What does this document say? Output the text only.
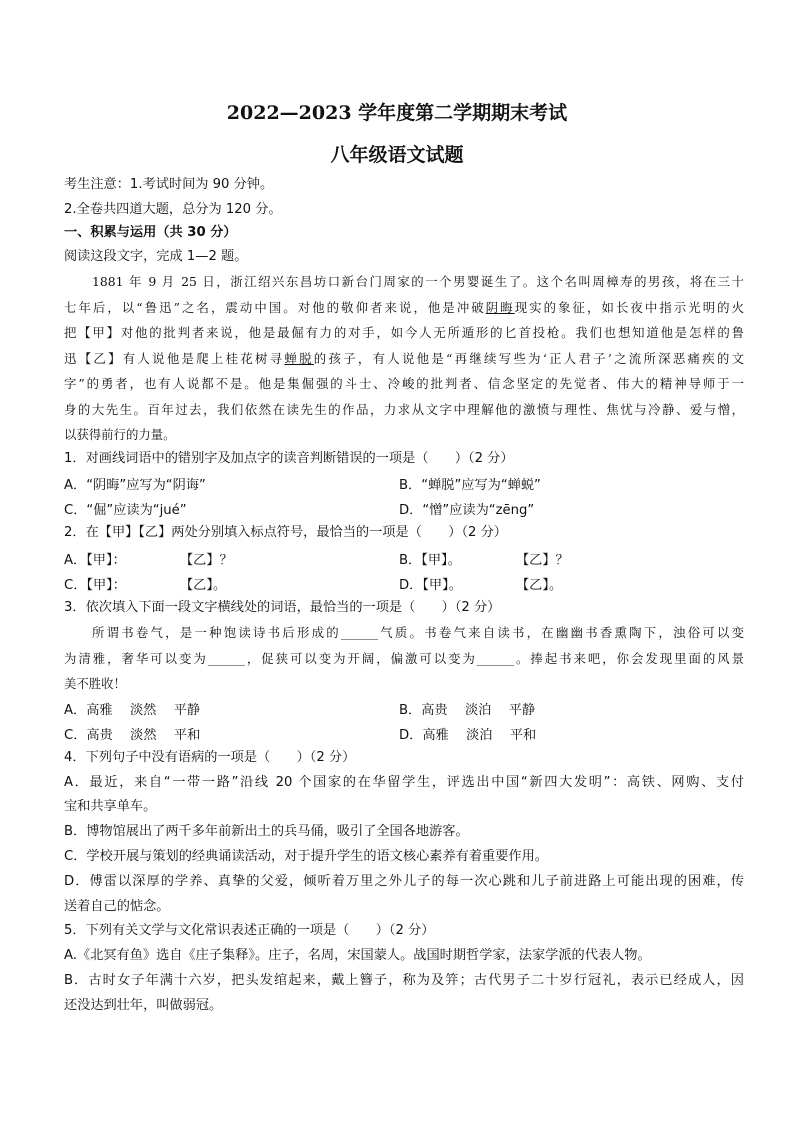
2022—2023 学年度第二学期期末考试
八年级语文试题
考生注意：1.考试时间为 90 分钟。
2.全卷共四道大题，总分为 120 分。
一、积累与运用（共 30 分）
阅读这段文字，完成 1—2 题。
1881 年 9 月 25 日，浙江绍兴东昌坊口新台门周家的一个男婴诞生了。这个名叫周樟寿的男孩，将在三十
七年后，以“鲁迅”之名，震动中国。对他的敬仰者来说，他是冲破阴晦现实的象征，如长夜中指示光明的火
把【甲】对他的批判者来说，他是最倔有力的对手，如今人无所遁形的匕首投枪。我们也想知道他是怎样的鲁
迅【乙】有人说他是爬上桂花树寻蝉脱的孩子，有人说他是“再继续写些为‘正人君子’之流所深恶痛疾的文
字”的勇者，也有人说都不是。他是集倔强的斗士、冷峻的批判者、信念坚定的先觉者、伟大的精神导师于一
身的大先生。百年过去，我们依然在读先生的作品，力求从文字中理解他的激愤与理性、焦忧与冷静、爱与憎，
以获得前行的力量。
1．对画线词语中的错别字及加点字的读音判断错误的一项是（　　）（2 分）
A．“阴晦”应写为“阴诲”	B．“蝉脱”应写为“蝉蜕”
C．“倔”应读为“jué”	D．“憎”应读为“zēng”
2．在【甲】【乙】两处分别填入标点符号，最恰当的一项是（　　）（2 分）
A．【甲】：	【乙】？	B．【甲】。	【乙】？
C．【甲】：	【乙】。	D．【甲】。	【乙】。
3．依次填入下面一段文字横线处的词语，最恰当的一项是（　　）（2 分）
所谓书卷气，是一种饱读诗书后形成的______气质。书卷气来自读书，在幽幽书香熏陶下，浊俗可以变
为清雅，奢华可以变为______，促狭可以变为开阔，偏激可以变为______。捧起书来吧，你会发现里面的风景
美不胜收！
A．高雅　 淡然　 平静	B．高贵　 淡泊　 平静
C．高贵　 淡然　 平和	D．高雅　 淡泊　 平和
4．下列句子中没有语病的一项是（　　）（2 分）
A．最近，来自“一带一路”沿线 20 个国家的在华留学生，评选出中国“新四大发明”：高铁、网购、支付
宝和共享单车。
B．博物馆展出了两千多年前新出土的兵马俑，吸引了全国各地游客。
C．学校开展与策划的经典诵读活动，对于提升学生的语文核心素养有着重要作用。
D．傅雷以深厚的学养、真挚的父爱，倾听着万里之外儿子的每一次心跳和儿子前进路上可能出现的困难，传
送着自己的惦念。
5．下列有关文学与文化常识表述正确的一项是（　　）（2 分）
A.《北冥有鱼》选自《庄子集释》。庄子，名周，宋国蒙人。战国时期哲学家，法家学派的代表人物。
B．古时女子年满十六岁，把头发绾起来，戴上簪子，称为及笄；古代男子二十岁行冠礼，表示已经成人，因
还没达到壮年，叫做弱冠。
